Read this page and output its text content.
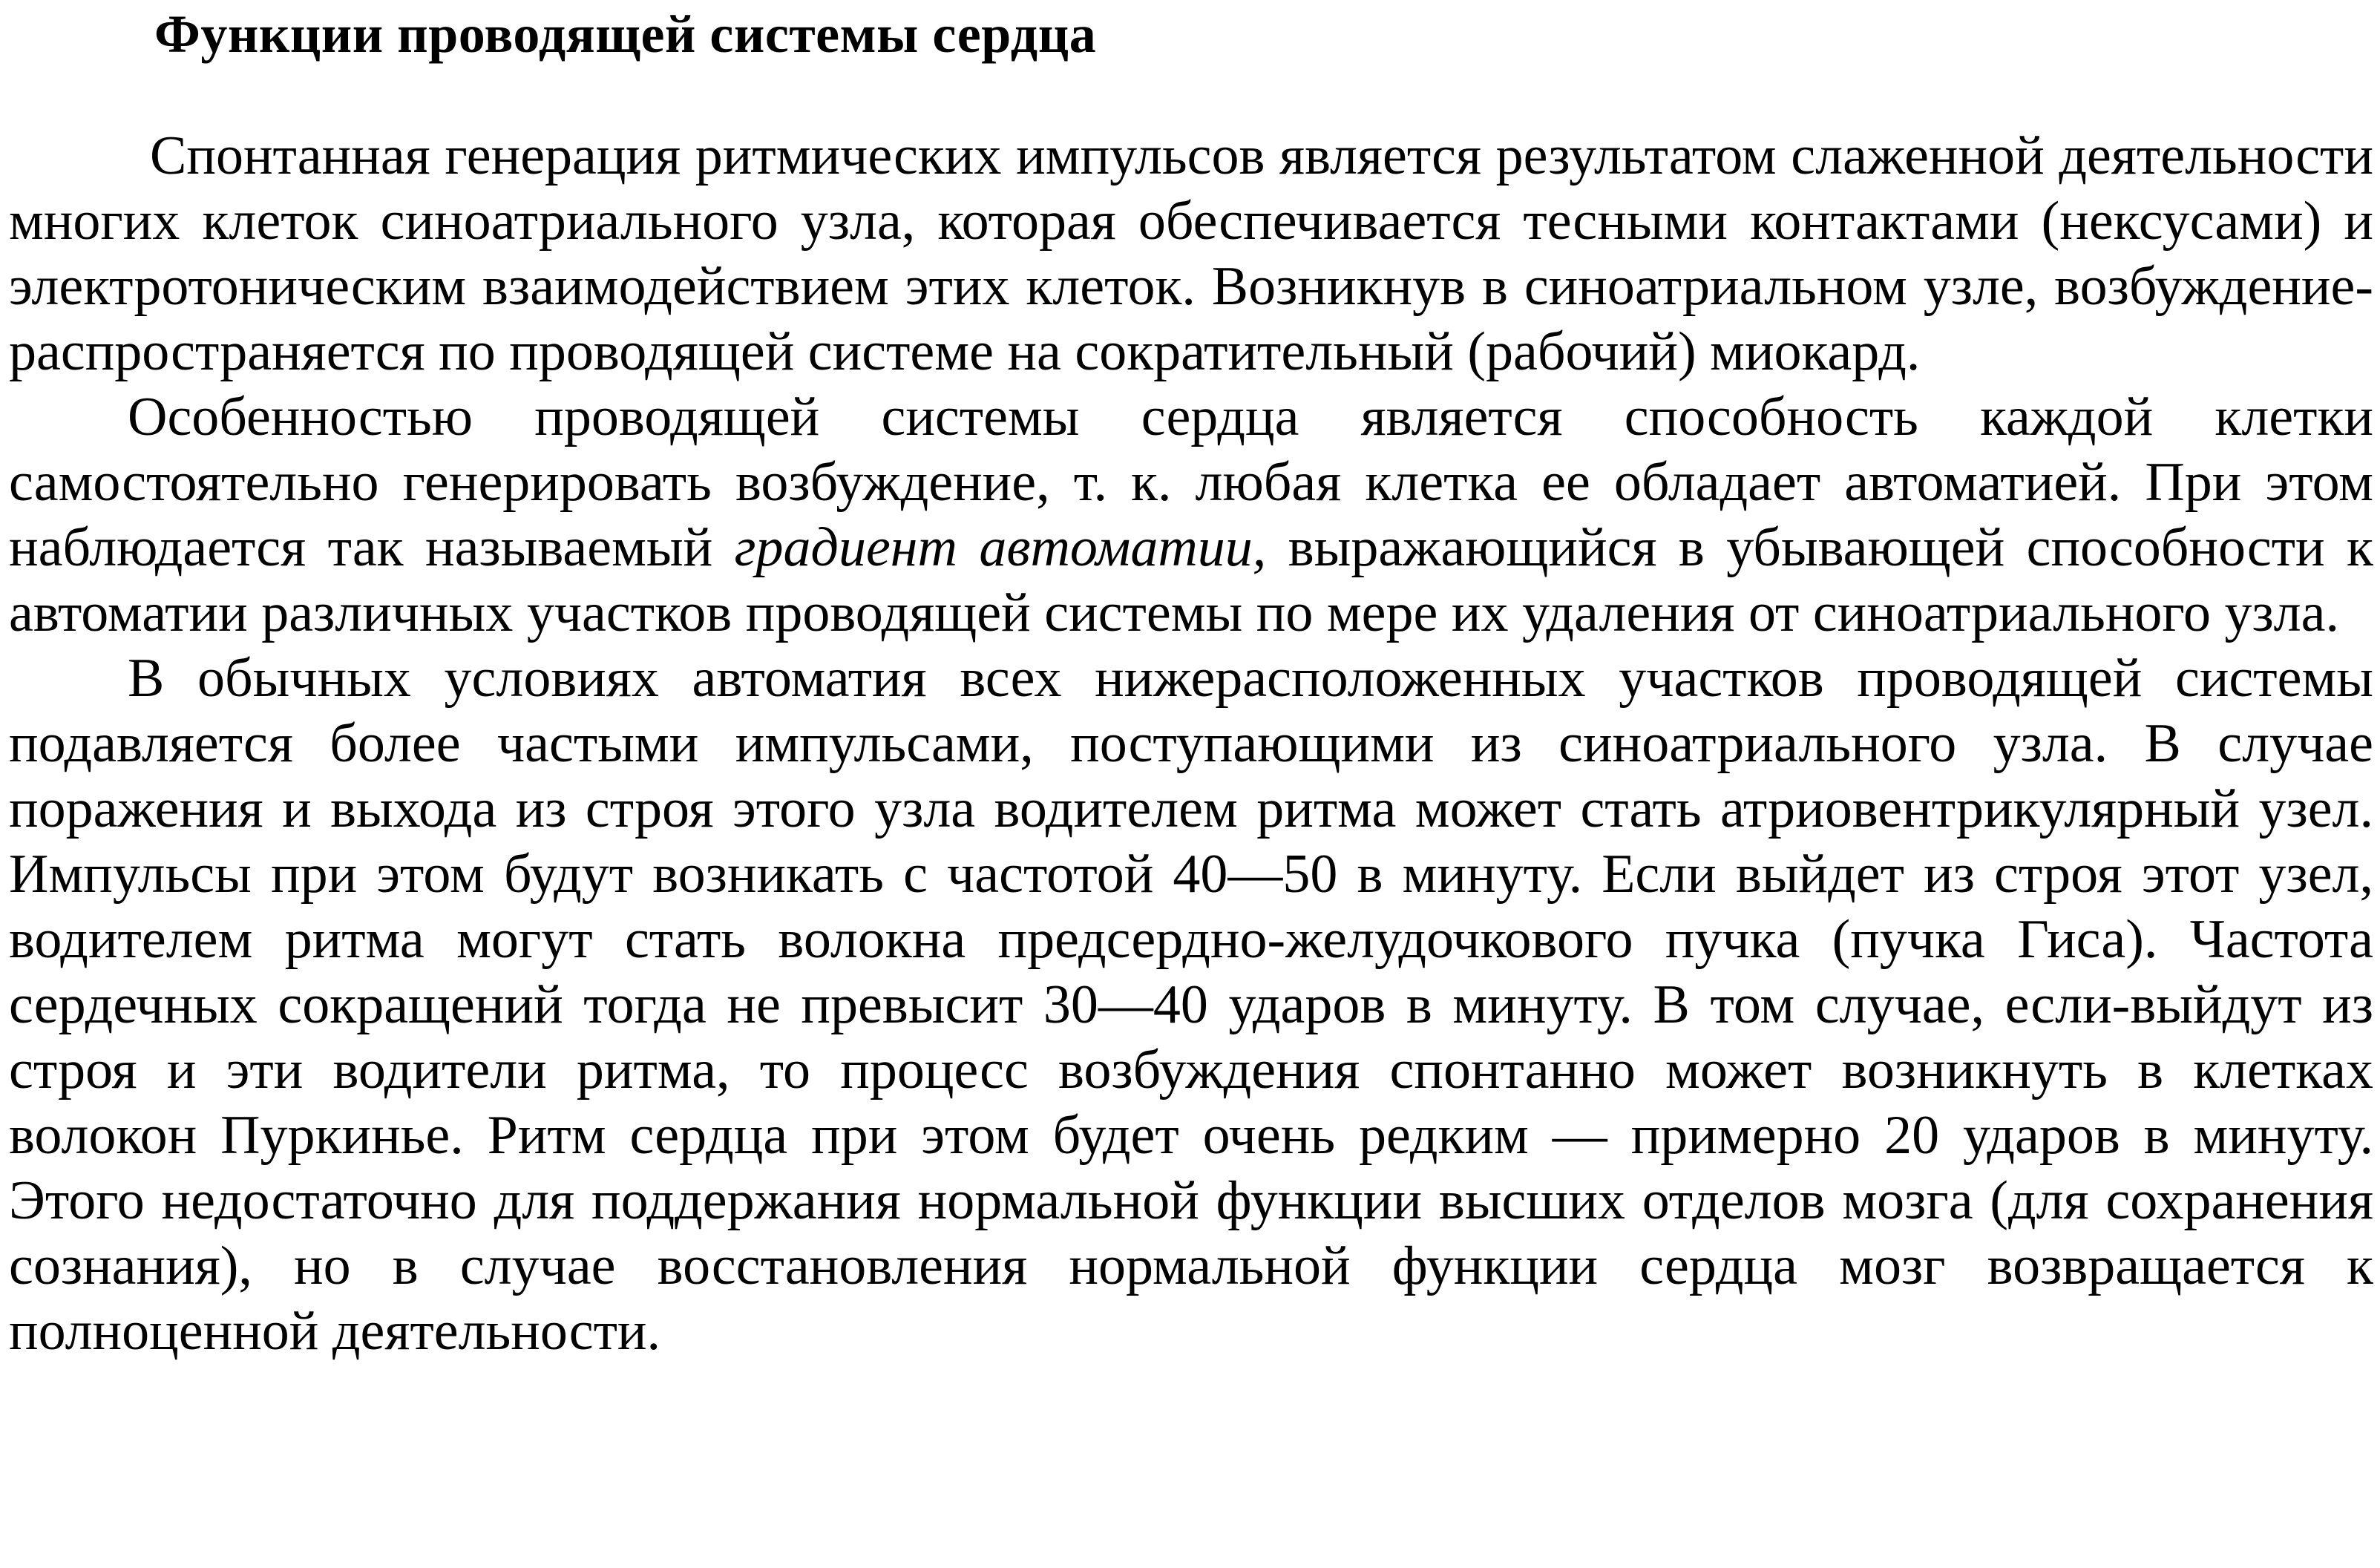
Функции проводящей системы сердца

Спонтанная генерация ритмических импульсов является результатом слаженной деятельности многих клеток синоатриального узла, которая обеспечивается тесными контактами (нексусами) и электротоническим взаимодействием этих клеток. Возникнув в синоатриальном узле, возбуждение-распространяется по проводящей системе на сократительный (рабочий) миокард.

Особенностью проводящей системы сердца является способность каждой клетки самостоятельно генерировать возбуждение, т. к. любая клетка ее обладает автоматией. При этом наблюдается так называемый градиент автоматии, выражающийся в убывающей способности к автоматии различных участков проводящей системы по мере их удаления от синоатриального узла.

В обычных условиях автоматия всех нижерасположенных участков проводящей системы подавляется более частыми импульсами, поступающими из синоатриального узла. В случае поражения и выхода из строя этого узла водителем ритма может стать атриовентрикулярный узел. Импульсы при этом будут возникать с частотой 40—50 в минуту. Если выйдет из строя этот узел, водителем ритма могут стать волокна предсердно-желудочкового пучка (пучка Гиса). Частота сердечных сокращений тогда не превысит 30—40 ударов в минуту. В том случае, если-выйдут из строя и эти водители ритма, то процесс возбуждения спонтанно может возникнуть в клетках волокон Пуркинье. Ритм сердца при этом будет очень редким — примерно 20 ударов в минуту. Этого недостаточно для поддержания нормальной функции высших отделов мозга (для сохранения сознания), но в случае восстановления нормальной функции сердца мозг возвращается к полноценной деятельности.
